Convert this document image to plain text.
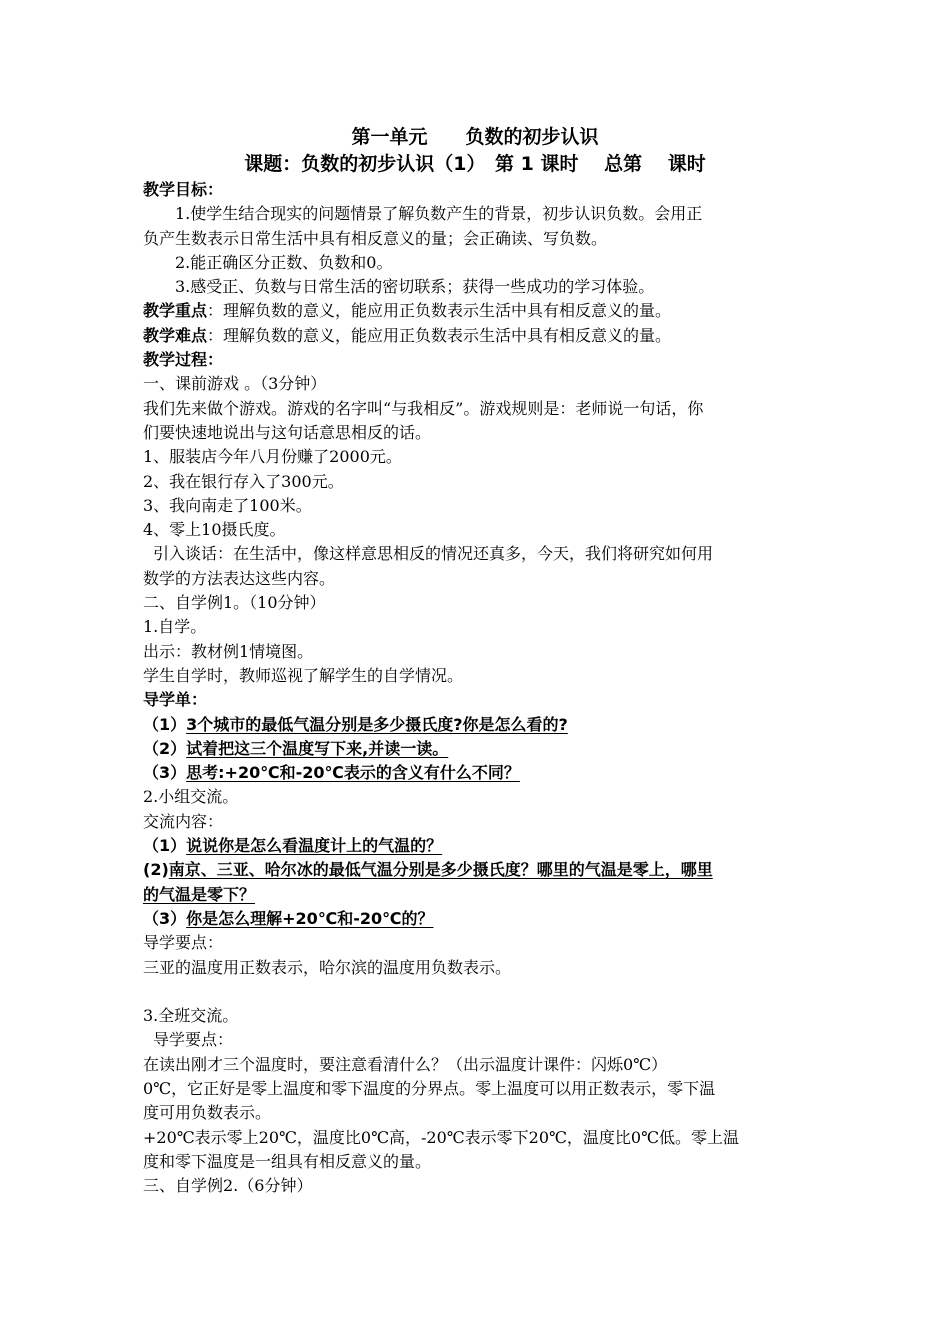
第一单元　　负数的初步认识
课题：负数的初步认识（1）　第 1 课时　 总第　 课时
教学目标：
1.使学生结合现实的问题情景了解负数产生的背景，初步认识负数。会用正
负产生数表示日常生活中具有相反意义的量；会正确读、写负数。
2.能正确区分正数、负数和0。
3.感受正、负数与日常生活的密切联系；获得一些成功的学习体验。
教学重点：理解负数的意义，能应用正负数表示生活中具有相反意义的量。
教学难点：理解负数的意义，能应用正负数表示生活中具有相反意义的量。
教学过程：
一、课前游戏 。（3分钟）
我们先来做个游戏。游戏的名字叫“与我相反”。游戏规则是：老师说一句话，你
们要快速地说出与这句话意思相反的话。
1、服装店今年八月份赚了2000元。
2、我在银行存入了300元。
3、我向南走了100米。
4、零上10摄氏度。
引入谈话：在生活中，像这样意思相反的情况还真多，今天，我们将研究如何用
数学的方法表达这些内容。
二、自学例1。（10分钟）
1.自学。
出示：教材例1情境图。
学生自学时，教师巡视了解学生的自学情况。
导学单：
（1）3个城市的最低气温分别是多少摄氏度?你是怎么看的?
（2）试着把这三个温度写下来,并读一读。
（3）思考:+20℃和-20℃表示的含义有什么不同？
2.小组交流。
交流内容：
（1）说说你是怎么看温度计上的气温的？
(2)南京、三亚、哈尔冰的最低气温分别是多少摄氏度？哪里的气温是零上，哪里
的气温是零下？
（3）你是怎么理解+20℃和-20℃的？
导学要点：
三亚的温度用正数表示，哈尔滨的温度用负数表示。
3.全班交流。
导学要点：
在读出刚才三个温度时，要注意看清什么？（出示温度计课件：闪烁0℃）
0℃，它正好是零上温度和零下温度的分界点。零上温度可以用正数表示，零下温
度可用负数表示。
+20℃表示零上20℃，温度比0℃高，-20℃表示零下20℃，温度比0℃低。零上温
度和零下温度是一组具有相反意义的量。
三、自学例2.（6分钟）
